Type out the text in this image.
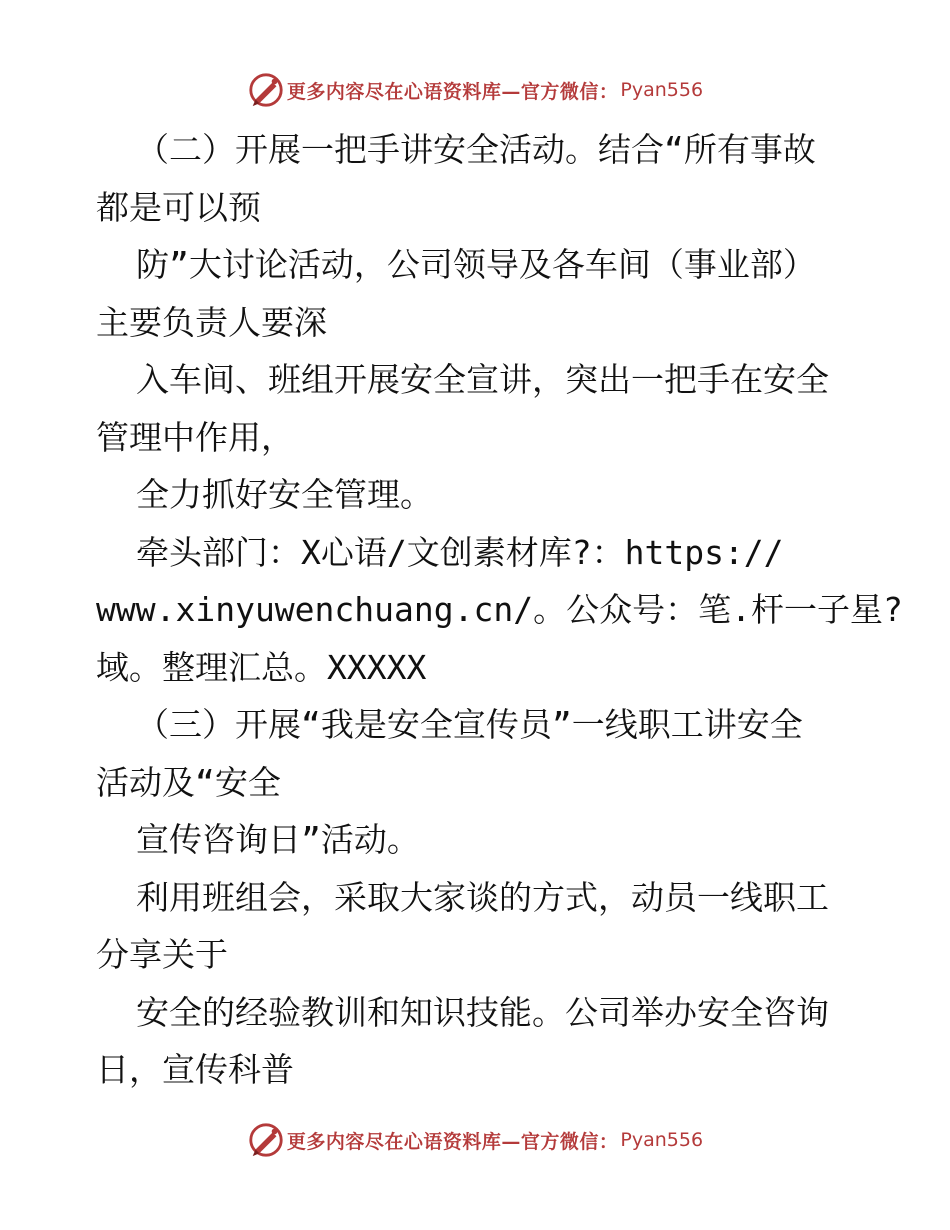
更多内容尽在心语资料库—官方微信： Pyan556
（二）开展一把手讲安全活动。结合“所有事故
都是可以预
防”大讨论活动，公司领导及各车间（事业部）
主要负责人要深
入车间、班组开展安全宣讲，突出一把手在安全
管理中作用，
全力抓好安全管理。
牵头部门：X心语/文创素材库?：https://
www.xinyuwenchuang.cn/。公众号：笔.杆一子星?
域。整理汇总。XXXXX
（三）开展“我是安全宣传员”一线职工讲安全
活动及“安全
宣传咨询日”活动。
利用班组会，采取大家谈的方式，动员一线职工
分享关于
安全的经验教训和知识技能。公司举办安全咨询
日，宣传科普
更多内容尽在心语资料库—官方微信： Pyan556
